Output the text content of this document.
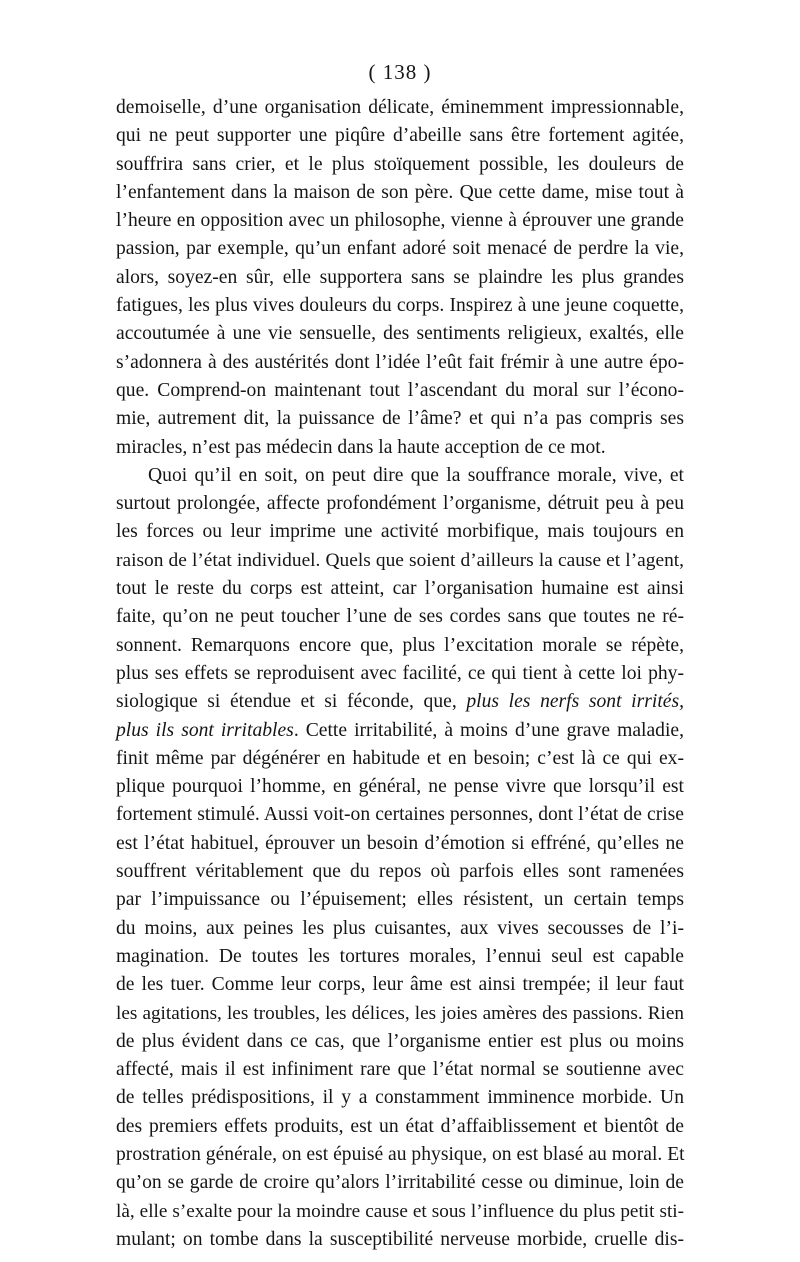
( 138 )
demoiselle, d’une organisation délicate, éminemment impressionnable,
qui ne peut supporter une piqûre d’abeille sans être fortement agitée,
souffrira sans crier, et le plus stoïquement possible, les douleurs de
l’enfantement dans la maison de son père. Que cette dame, mise tout à
l’heure en opposition avec un philosophe, vienne à éprouver une grande
passion, par exemple, qu’un enfant adoré soit menacé de perdre la vie,
alors, soyez-en sûr, elle supportera sans se plaindre les plus grandes
fatigues, les plus vives douleurs du corps. Inspirez à une jeune coquette,
accoutumée à une vie sensuelle, des sentiments religieux, exaltés, elle
s’adonnera à des austérités dont l’idée l’eût fait frémir à une autre épo-
que. Comprend-on maintenant tout l’ascendant du moral sur l’écono-
mie, autrement dit, la puissance de l’âme? et qui n’a pas compris ses
miracles, n’est pas médecin dans la haute acception de ce mot.
Quoi qu’il en soit, on peut dire que la souffrance morale, vive, et
surtout prolongée, affecte profondément l’organisme, détruit peu à peu
les forces ou leur imprime une activité morbifique, mais toujours en
raison de l’état individuel. Quels que soient d’ailleurs la cause et l’agent,
tout le reste du corps est atteint, car l’organisation humaine est ainsi
faite, qu’on ne peut toucher l’une de ses cordes sans que toutes ne ré-
sonnent. Remarquons encore que, plus l’excitation morale se répète,
plus ses effets se reproduisent avec facilité, ce qui tient à cette loi phy-
siologique si étendue et si féconde, que, plus les nerfs sont irrités,
plus ils sont irritables. Cette irritabilité, à moins d’une grave maladie,
finit même par dégénérer en habitude et en besoin; c’est là ce qui ex-
plique pourquoi l’homme, en général, ne pense vivre que lorsqu’il est
fortement stimulé. Aussi voit-on certaines personnes, dont l’état de crise
est l’état habituel, éprouver un besoin d’émotion si effréné, qu’elles ne
souffrent véritablement que du repos où parfois elles sont ramenées
par l’impuissance ou l’épuisement; elles résistent, un certain temps
du moins, aux peines les plus cuisantes, aux vives secousses de l’i-
magination. De toutes les tortures morales, l’ennui seul est capable
de les tuer. Comme leur corps, leur âme est ainsi trempée; il leur faut
les agitations, les troubles, les délices, les joies amères des passions. Rien
de plus évident dans ce cas, que l’organisme entier est plus ou moins
affecté, mais il est infiniment rare que l’état normal se soutienne avec
de telles prédispositions, il y a constamment imminence morbide. Un
des premiers effets produits, est un état d’affaiblissement et bientôt de
prostration générale, on est épuisé au physique, on est blasé au moral. Et
qu’on se garde de croire qu’alors l’irritabilité cesse ou diminue, loin de
là, elle s’exalte pour la moindre cause et sous l’influence du plus petit sti-
mulant; on tombe dans la susceptibilité nerveuse morbide, cruelle dis-
